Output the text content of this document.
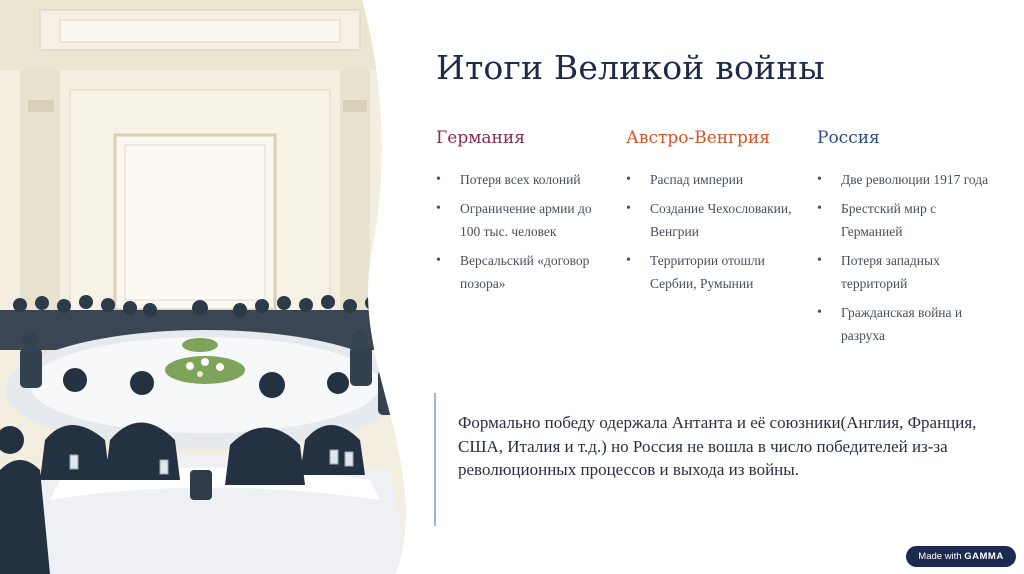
Итоги Великой войны
Германия
• Потеря всех колоний
• Ограничение армии до 100 тыс. человек
• Версальский «договор позора»
Австро-Венгрия
• Распад империи
• Создание Чехословакии, Венгрии
• Территории отошли Сербии, Румынии
Россия
• Две революции 1917 года
• Брестский мир с Германией
• Потеря западных территорий
• Гражданская война и разруха

Формально победу одержала Антанта и её союзники(Англия, Франция, США, Италия и т.д.) но Россия не вошла в число победителей из-за революционных процессов и выхода из войны.

Made with GAMMA
